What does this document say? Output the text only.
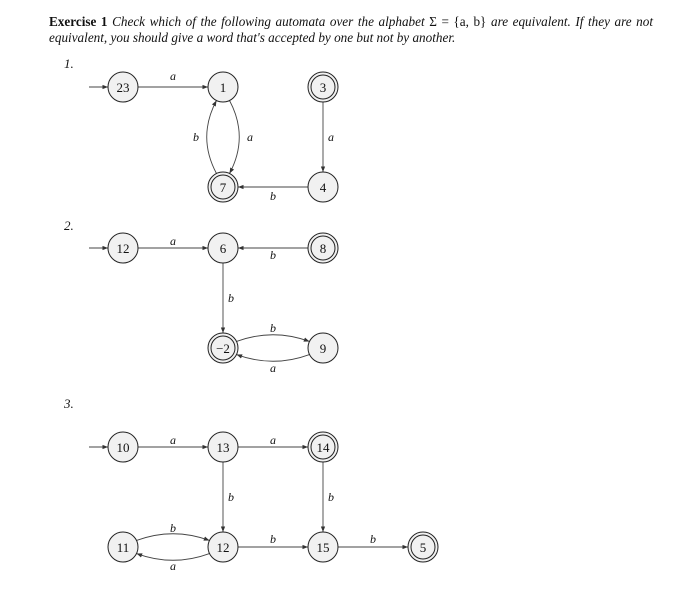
Exercise 1 Check which of the following automata over the alphabet Σ = {a, b} are equivalent. If they are not equivalent, you should give a word that's accepted by one but not by another.
1.
2.
3.
a
a
b	a
b
a
b
b
b
a
a	a
b	b
b
a
b	b
23	1	3
7	4
12	6	8
−2	9
10	13	14
11	12	15	5
